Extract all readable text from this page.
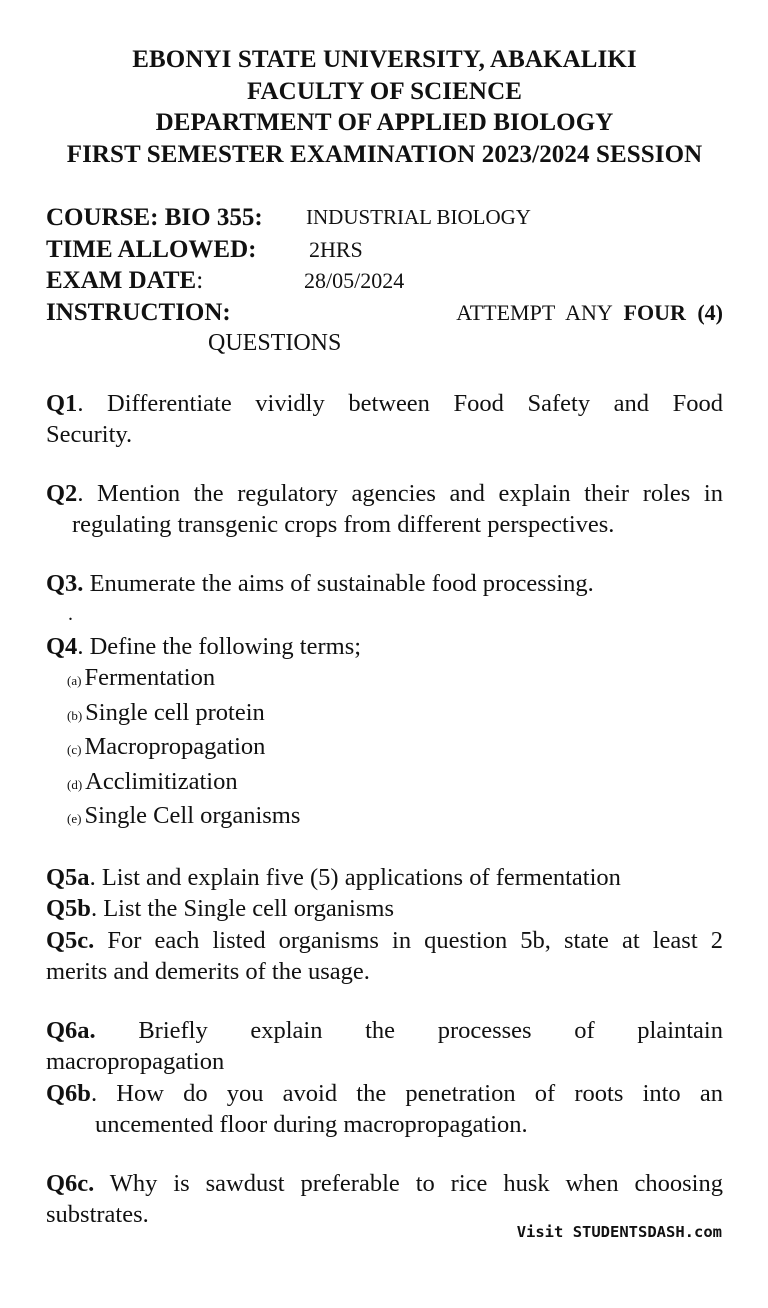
EBONYI STATE UNIVERSITY, ABAKALIKI
FACULTY OF SCIENCE
DEPARTMENT OF APPLIED BIOLOGY
FIRST SEMESTER EXAMINATION 2023/2024 SESSION
COURSE: BIO 355: INDUSTRIAL BIOLOGY
TIME ALLOWED: 2HRS
EXAM DATE:	28/05/2024
INSTRUCTION:	ATTEMPT ANY FOUR (4)
QUESTIONS
Q1. Differentiate vividly between Food Safety and Food
Security.
Q2. Mention the regulatory agencies and explain their roles in
regulating transgenic crops from different perspectives.
Q3. Enumerate the aims of sustainable food processing.
.
Q4. Define the following terms;
(a) Fermentation
(b) Single cell protein
(c) Macropropagation
(d) Acclimitization
(e) Single Cell organisms
Q5a. List and explain five (5) applications of fermentation
Q5b. List the Single cell organisms
Q5c. For each listed organisms in question 5b, state at least 2
merits and demerits of the usage.
Q6a. Briefly explain the processes of plaintain
macropropagation
Q6b. How do you avoid the penetration of roots into an
uncemented floor during macropropagation.
Q6c. Why is sawdust preferable to rice husk when choosing
substrates.
Visit STUDENTSDASH.com
